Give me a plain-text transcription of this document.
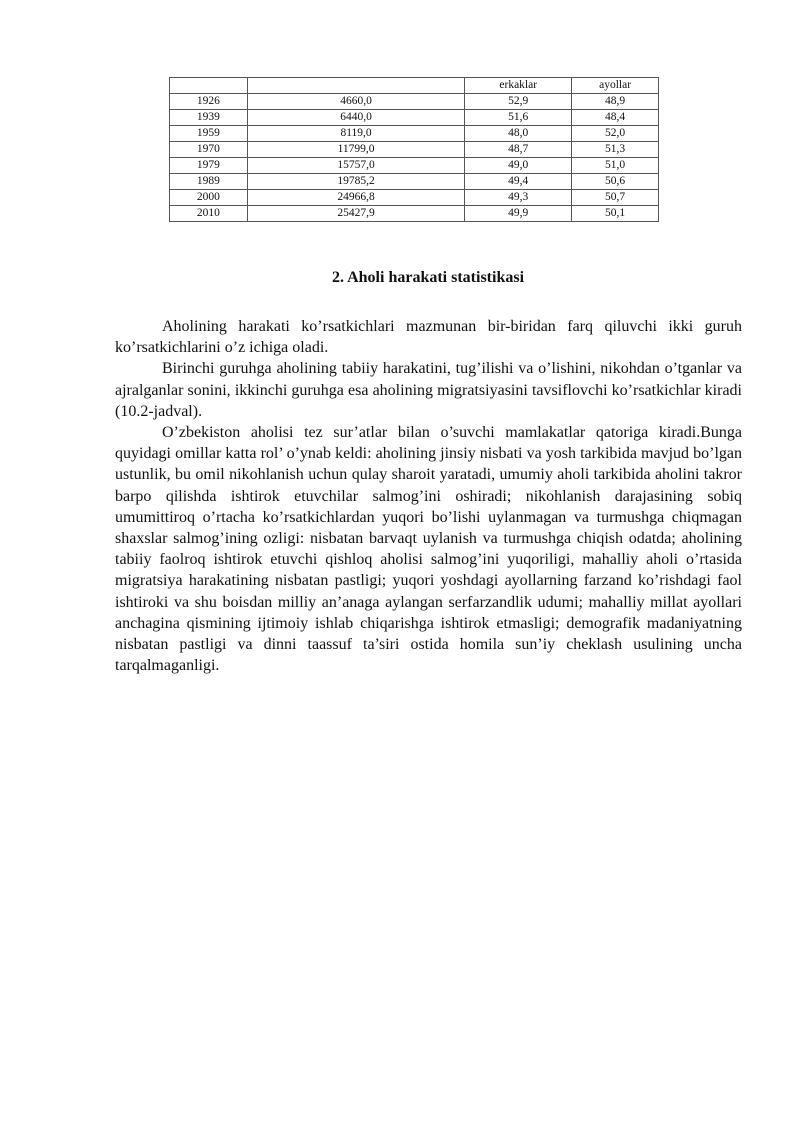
		erkaklar	ayollar
1926	4660,0	52,9	48,9
1939	6440,0	51,6	48,4
1959	8119,0	48,0	52,0
1970	11799,0	48,7	51,3
1979	15757,0	49,0	51,0
1989	19785,2	49,4	50,6
2000	24966,8	49,3	50,7
2010	25427,9	49,9	50,1
2. Aholi harakati statistikasi

Aholining harakati ko’rsatkichlari mazmunan bir-biridan farq qiluvchi ikki guruh ko’rsatkichlarini o’z ichiga oladi.

Birinchi guruhga aholining tabiiy harakatini, tug’ilishi va o’lishini, nikohdan o’tganlar va ajralganlar sonini, ikkinchi guruhga esa aholining migratsiyasini tavsiflovchi ko’rsatkichlar kiradi (10.2-jadval).

O’zbekiston aholisi tez sur’atlar bilan o’suvchi mamlakatlar qatoriga kiradi.Bunga quyidagi omillar katta rol’ o’ynab keldi: aholining jinsiy nisbati va yosh tarkibida mavjud bo’lgan ustunlik, bu omil nikohlanish uchun qulay sharoit yaratadi, umumiy aholi tarkibida aholini takror barpo qilishda ishtirok etuvchilar salmog’ini oshiradi; nikohlanish darajasining sobiq umumittiroq o’rtacha ko’rsatkichlardan yuqori bo’lishi uylanmagan va turmushga chiqmagan shaxslar salmog’ining ozligi: nisbatan barvaqt uylanish va turmushga chiqish odatda; aholining tabiiy faolroq ishtirok etuvchi qishloq aholisi salmog’ini yuqoriligi, mahalliy aholi o’rtasida migratsiya harakatining nisbatan pastligi; yuqori yoshdagi ayollarning farzand ko’rishdagi faol ishtiroki va shu boisdan milliy an’anaga aylangan serfarzandlik udumi; mahalliy millat ayollari anchagina qismining ijtimoiy ishlab chiqarishga ishtirok etmasligi; demografik madaniyatning nisbatan pastligi va dinni taassuf ta’siri ostida homila sun’iy cheklash usulining uncha tarqalmaganligi.
